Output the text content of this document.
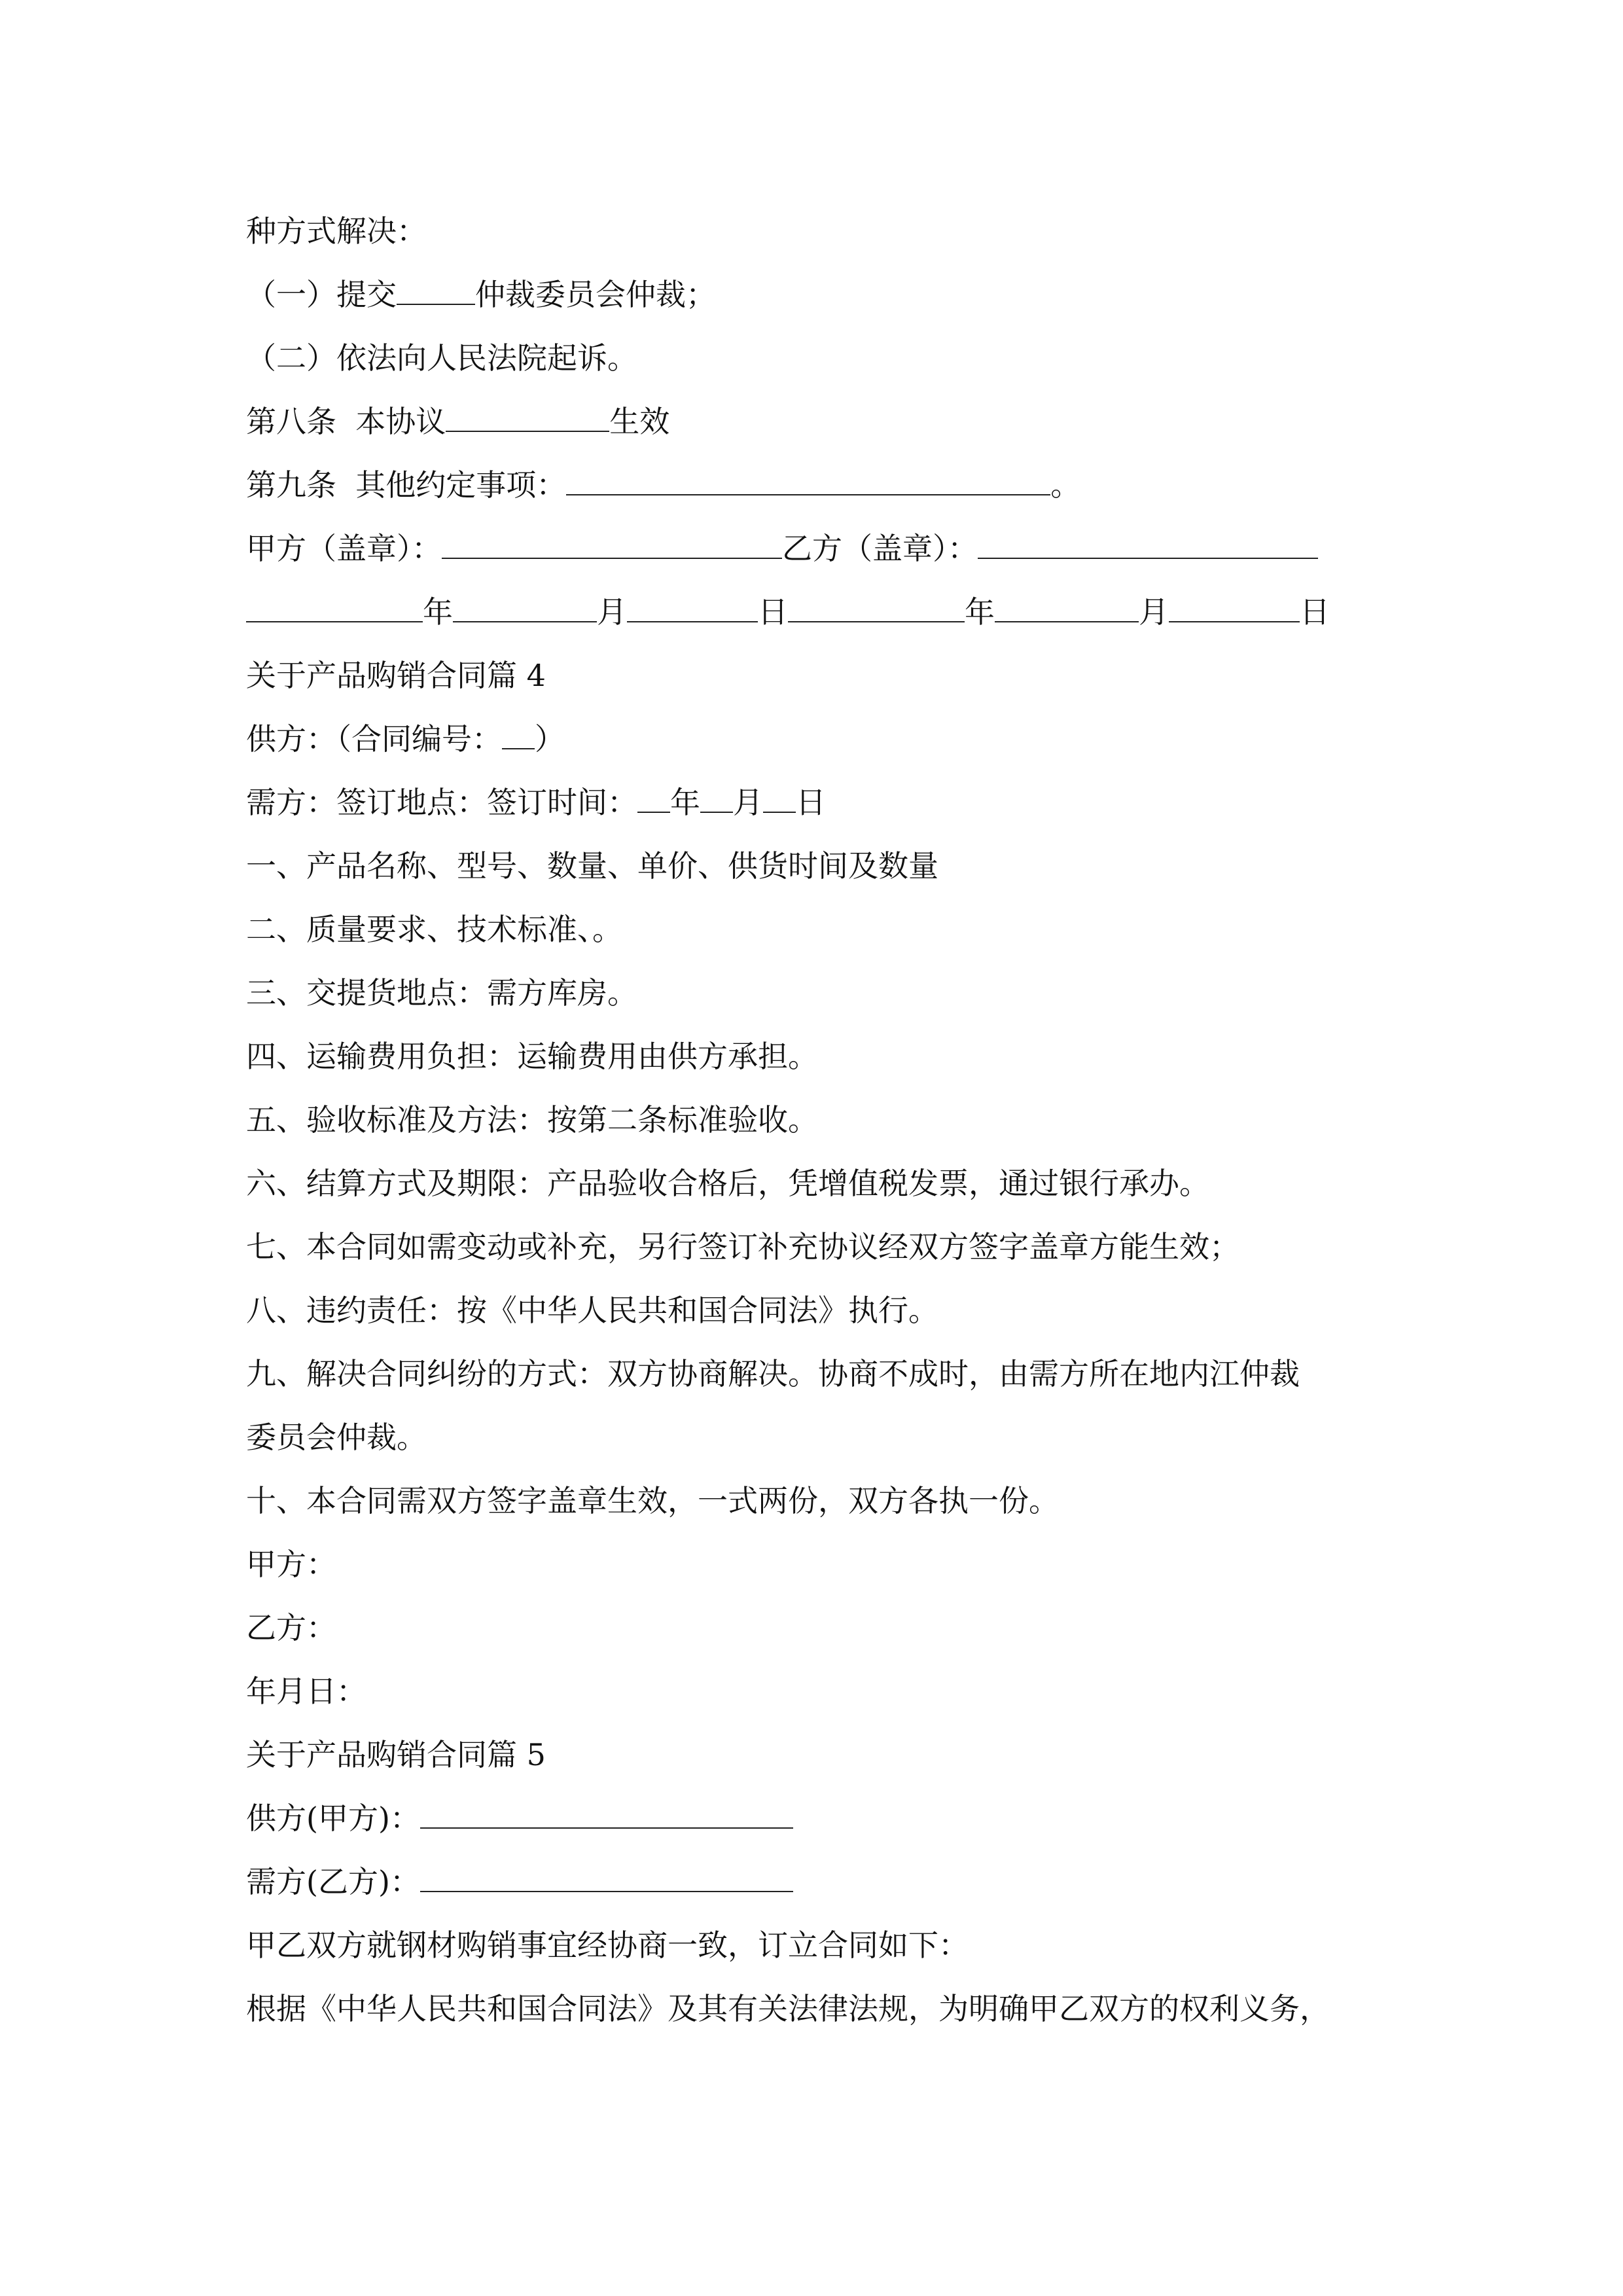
种方式解决：
（一）提交	仲裁委员会仲裁；
（二）依法向人民法院起诉。
第八条  本协议	生效
第九条  其他约定事项：	。
甲方（盖章）：	乙方（盖章）：
年	月	日	年	月	日
关于产品购销合同篇 4
供方：（合同编号： ）
需方：签订地点：签订时间： 年 月 日
一、产品名称、型号、数量、单价、供货时间及数量
二、质量要求、技术标准、。
三、交提货地点：需方库房。
四、运输费用负担：运输费用由供方承担。
五、验收标准及方法：按第二条标准验收。
六、结算方式及期限：产品验收合格后，凭增值税发票，通过银行承办。
七、本合同如需变动或补充，另行签订补充协议经双方签字盖章方能生效；
八、违约责任：按《中华人民共和国合同法》执行。
九、解决合同纠纷的方式：双方协商解决。协商不成时，由需方所在地内江仲裁
委员会仲裁。
十、本合同需双方签字盖章生效，一式两份，双方各执一份。
甲方：
乙方：
年月日：
关于产品购销合同篇 5
供方(甲方)：
需方(乙方)：
甲乙双方就钢材购销事宜经协商一致，订立合同如下：
根据《中华人民共和国合同法》及其有关法律法规，为明确甲乙双方的权利义务，
